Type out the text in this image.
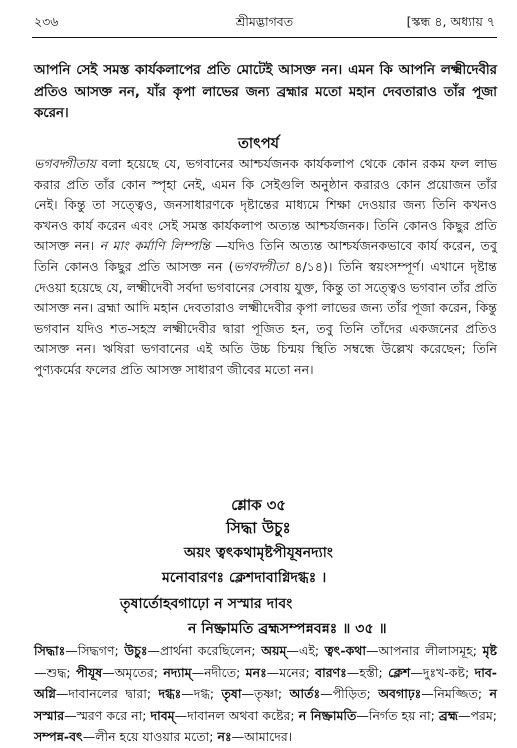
২৩৬	শ্রীমদ্ভাগবত	[স্কন্ধ ৪, অধ্যায় ৭

আপনি সেই সমস্ত কার্যকলাপের প্রতি মোটেই আসক্ত নন। এমন কি আপনি লক্ষ্মীদেবীর প্রতিও আসক্ত নন, যাঁর কৃপা লাভের জন্য ব্রহ্মার মতো মহান দেবতারাও তাঁর পূজা করেন।

তাৎপর্য

ভগবদ্গীতায় বলা হয়েছে যে, ভগবানের আশ্চর্যজনক কার্যকলাপ থেকে কোন রকম ফল লাভ করার প্রতি তাঁর কোন স্পৃহা নেই, এমন কি সেইগুলি অনুষ্ঠান করারও কোন প্রয়োজন তাঁর নেই। কিন্তু তা সত্ত্বেও, জনসাধারণকে দৃষ্টান্তের মাধ্যমে শিক্ষা দেওয়ার জন্য তিনি কখনও কখনও কার্য করেন এবং সেই সমস্ত কার্যকলাপ অত্যন্ত আশ্চর্যজনক। তিনি কোনও কিছুর প্রতি আসক্ত নন। ন মাং কর্মাণি লিম্পন্তি —যদিও তিনি অত্যন্ত আশ্চর্যজনকভাবে কার্য করেন, তবু তিনি কোনও কিছুর প্রতি আসক্ত নন (ভগবদ্গীতা ৪/১৪)। তিনি স্বয়ংসম্পূর্ণ। এখানে দৃষ্টান্ত দেওয়া হয়েছে যে, লক্ষ্মীদেবী সর্বদা ভগবানের সেবায় যুক্ত, কিন্তু তা সত্ত্বেও ভগবান তাঁর প্রতি আসক্ত নন। ব্রহ্মা আদি মহান দেবতারাও লক্ষ্মীদেবীর কৃপা লাভের জন্য তাঁর পূজা করেন, কিন্তু ভগবান যদিও শত-সহস্র লক্ষ্মীদেবীর দ্বারা পূজিত হন, তবু তিনি তাঁদের একজনের প্রতিও আসক্ত নন। ঋষিরা ভগবানের এই অতি উচ্চ চিন্ময় স্থিতি সম্বন্ধে উল্লেখ করেছেন; তিনি পুণ্যকর্মের ফলের প্রতি আসক্ত সাধারণ জীবের মতো নন।

শ্লোক ৩৫
সিদ্ধা উচুঃ
অয়ং ত্বৎকথামৃষ্টপীযূষনদ্যাং
মনোবারণঃ ক্লেশদাবাগ্নিদগ্ধঃ ।
তৃষার্তোহবগাঢ়ো ন সস্মার দাবং
ন নিষ্ক্রামতি ব্রহ্মসম্পন্নবন্নঃ ॥ ৩৫ ॥

সিদ্ধাঃ—সিদ্ধগণ; উচুঃ—প্রার্থনা করেছিলেন; অয়ম্—এই; ত্বৎ-কথা—আপনার লীলাসমূহ; মৃষ্ট—শুদ্ধ; পীযূষ—অমৃতের; নদ্যাম্—নদীতে; মনঃ—মনের; বারণঃ—হস্তী; ক্লেশ—দুঃখ-কষ্ট; দাব-অগ্নি—দাবানলের দ্বারা; দগ্ধঃ—দগ্ধ; তৃষা—তৃষ্ণা; আর্তঃ—পীড়িত; অবগাঢ়ঃ—নিমজ্জিত; ন সস্মার—স্মরণ করে না; দাবম্—দাবানল অথবা কষ্টের; ন নিষ্ক্রামতি—নির্গত হয় না; ব্রহ্ম—পরম; সম্পন্ন-বৎ—লীন হয়ে যাওয়ার মতো; নঃ—আমাদের।
